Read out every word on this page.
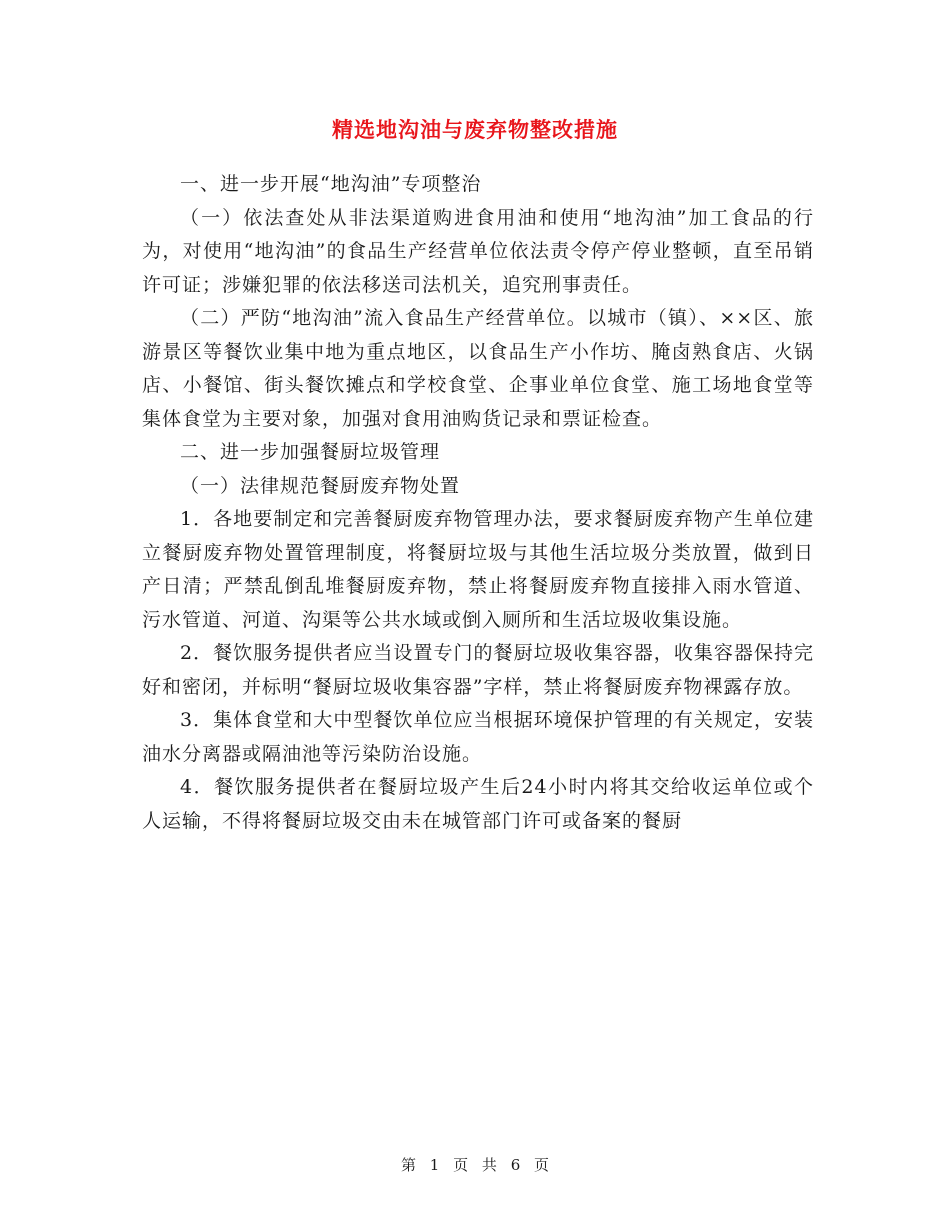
精选地沟油与废弃物整改措施

一、进一步开展“地沟油”专项整治

（一）依法查处从非法渠道购进食用油和使用“地沟油”加工食品的行为，对使用“地沟油”的食品生产经营单位依法责令停产停业整顿，直至吊销许可证；涉嫌犯罪的依法移送司法机关，追究刑事责任。

（二）严防“地沟油”流入食品生产经营单位。以城市（镇）、××区、旅游景区等餐饮业集中地为重点地区，以食品生产小作坊、腌卤熟食店、火锅店、小餐馆、街头餐饮摊点和学校食堂、企事业单位食堂、施工场地食堂等集体食堂为主要对象，加强对食用油购货记录和票证检查。

二、进一步加强餐厨垃圾管理

（一）法律规范餐厨废弃物处置

1．各地要制定和完善餐厨废弃物管理办法，要求餐厨废弃物产生单位建立餐厨废弃物处置管理制度，将餐厨垃圾与其他生活垃圾分类放置，做到日产日清；严禁乱倒乱堆餐厨废弃物，禁止将餐厨废弃物直接排入雨水管道、污水管道、河道、沟渠等公共水域或倒入厕所和生活垃圾收集设施。

2．餐饮服务提供者应当设置专门的餐厨垃圾收集容器，收集容器保持完好和密闭，并标明“餐厨垃圾收集容器”字样，禁止将餐厨废弃物裸露存放。

3．集体食堂和大中型餐饮单位应当根据环境保护管理的有关规定，安装油水分离器或隔油池等污染防治设施。

4．餐饮服务提供者在餐厨垃圾产生后24小时内将其交给收运单位或个人运输，不得将餐厨垃圾交由未在城管部门许可或备案的餐厨

第 1 页 共 6 页
